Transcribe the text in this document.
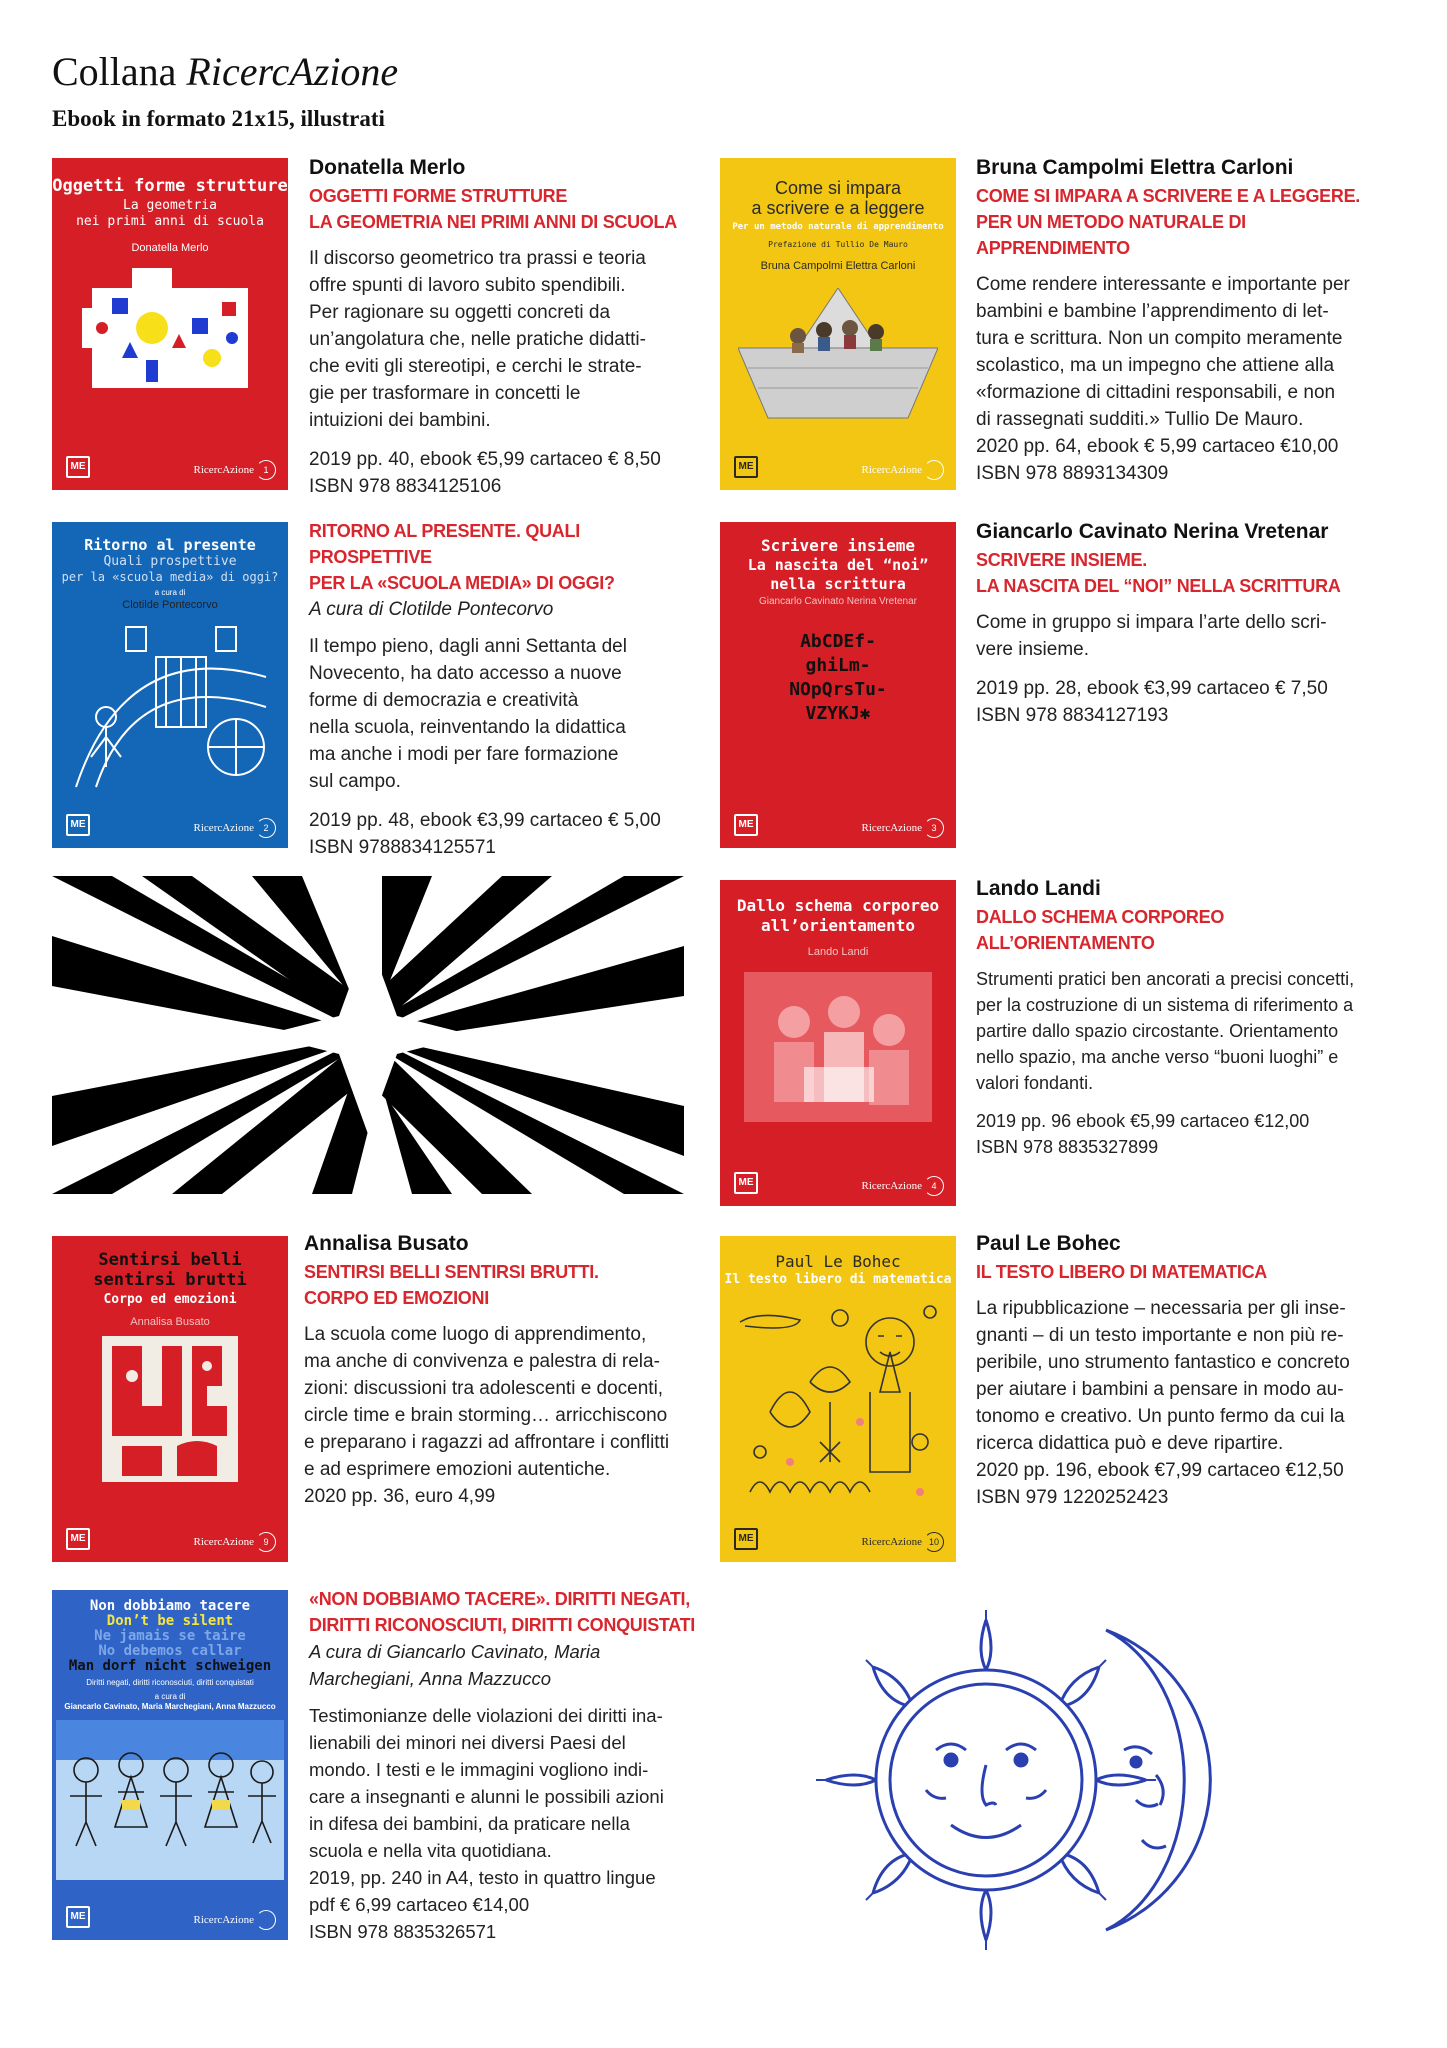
Collana RicercAzione
Ebook in formato 21x15, illustrati
Oggetti forme strutture
La geometria
nei primi anni di scuola
Donatella Merlo
ME	RicercAzione	1
Donatella Merlo
OGGETTI FORME STRUTTURE
LA GEOMETRIA NEI PRIMI ANNI DI SCUOLA

Il discorso geometrico tra prassi e teoria

offre spunti di lavoro subito spendibili.

Per ragionare su oggetti concreti da

un’angolatura che, nelle pratiche didatti-

che eviti gli stereotipi, e cerchi le strate-

gie per trasformare in concetti le

intuizioni dei bambini.

2019 pp. 40, ebook €5,99 cartaceo € 8,50

ISBN 978 8834125106

Come si impara
a scrivere e a leggere
Per un metodo naturale di apprendimento
Prefazione di Tullio De Mauro
Bruna Campolmi Elettra Carloni
ME	RicercAzione
Bruna Campolmi Elettra Carloni
COME SI IMPARA A SCRIVERE E A LEGGERE.
PER UN METODO NATURALE DI APPRENDIMENTO

Come rendere interessante e importante per

bambini e bambine l’apprendimento di let-

tura e scrittura. Non un compito meramente

scolastico, ma un impegno che attiene alla

«formazione di cittadini responsabili, e non

di rassegnati sudditi.» Tullio De Mauro.

2020 pp. 64, ebook € 5,99 cartaceo €10,00

ISBN 978 8893134309

Ritorno al presente
Quali prospettive
per la «scuola media» di oggi?
a cura di
Clotilde Pontecorvo
ME	RicercAzione	2
RITORNO AL PRESENTE. QUALI PROSPETTIVE
PER LA «SCUOLA MEDIA» DI OGGI?
A cura di Clotilde Pontecorvo

Il tempo pieno, dagli anni Settanta del

Novecento, ha dato accesso a nuove

forme di democrazia e creatività

nella scuola, reinventando la didattica

ma anche i modi per fare formazione

sul campo.

2019 pp. 48, ebook €3,99 cartaceo € 5,00

ISBN 9788834125571

Scrivere insieme
La nascita del “noi”
nella scrittura
Giancarlo Cavinato Nerina Vretenar
AbCDEf-
ghiLm-
NOpQrsTu-
VZYKJ✱
ME	RicercAzione	3
Giancarlo Cavinato Nerina Vretenar
SCRIVERE INSIEME.
LA NASCITA DEL “NOI” NELLA SCRITTURA

Come in gruppo si impara l’arte dello scri-

vere insieme.

2019 pp. 28, ebook €3,99 cartaceo € 7,50

ISBN 978 8834127193

Dallo schema corporeo
all’orientamento
Lando Landi
ME	RicercAzione	4
Lando Landi
DALLO SCHEMA CORPOREO
ALL’ORIENTAMENTO

Strumenti pratici ben ancorati a precisi concetti,

per la costruzione di un sistema di riferimento a

partire dallo spazio circostante. Orientamento

nello spazio, ma anche verso “buoni luoghi” e

valori fondanti.

2019 pp. 96 ebook €5,99 cartaceo €12,00

ISBN 978 8835327899

Sentirsi belli
sentirsi brutti
Corpo ed emozioni
Annalisa Busato
ME	RicercAzione	9
Annalisa Busato
SENTIRSI BELLI SENTIRSI BRUTTI.
CORPO ED EMOZIONI

La scuola come luogo di apprendimento,

ma anche di convivenza e palestra di rela-

zioni: discussioni tra adolescenti e docenti,

circle time e brain storming… arricchiscono

e preparano i ragazzi ad affrontare i conflitti

e ad esprimere emozioni autentiche.

2020 pp. 36, euro 4,99

Paul Le Bohec
Il testo libero di matematica
ME	RicercAzione 10
Paul Le Bohec
IL TESTO LIBERO DI MATEMATICA

La ripubblicazione – necessaria per gli inse-

gnanti – di un testo importante e non più re-

peribile, uno strumento fantastico e concreto

per aiutare i bambini a pensare in modo au-

tonomo e creativo. Un punto fermo da cui la

ricerca didattica può e deve ripartire.

2020 pp. 196, ebook €7,99 cartaceo €12,50

ISBN 979 1220252423

Non dobbiamo tacere
Don’t be silent
Ne jamais se taire
No debemos callar
Man dorf nicht schweigen
Diritti negati, diritti riconosciuti, diritti conquistati
a cura di
Giancarlo Cavinato, Maria Marchegiani, Anna Mazzucco
ME	RicercAzione
«NON DOBBIAMO TACERE». DIRITTI NEGATI,
DIRITTI RICONOSCIUTI, DIRITTI CONQUISTATI
A cura di Giancarlo Cavinato, Maria Marchegiani, Anna Mazzucco

Testimonianze delle violazioni dei diritti ina-

lienabili dei minori nei diversi Paesi del

mondo. I testi e le immagini vogliono indi-

care a insegnanti e alunni le possibili azioni

in difesa dei bambini, da praticare nella

scuola e nella vita quotidiana.

2019, pp. 240 in A4, testo in quattro lingue

pdf € 6,99 cartaceo €14,00

ISBN 978 8835326571
